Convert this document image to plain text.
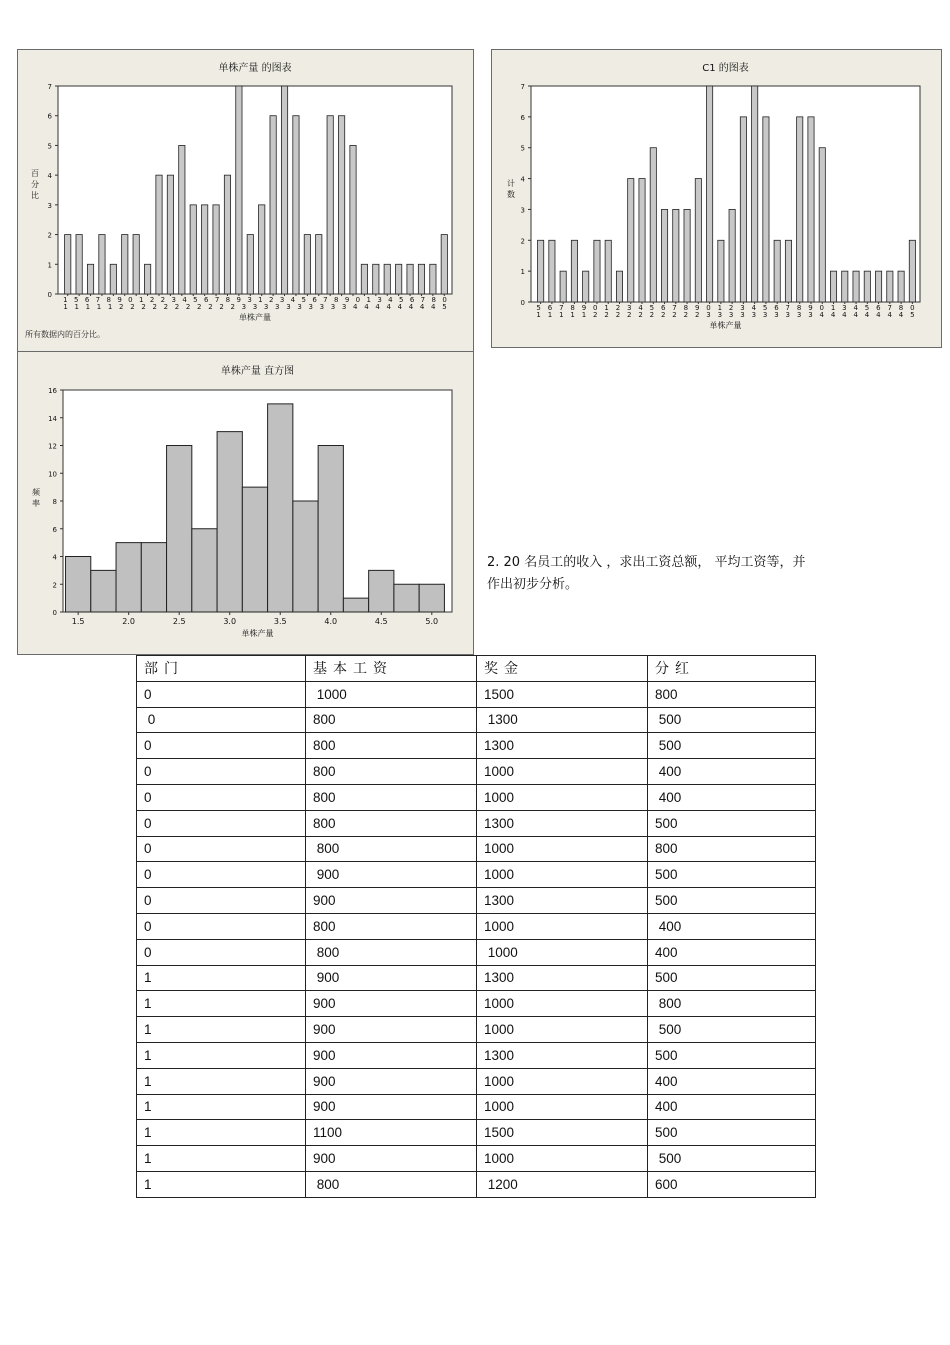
单株产量 的图表
0
1
2
3
4
5
6
7
1 5 6 7 8 9 0 1 2 2 3 4 5 6 7 8 9 3 1 2 3 4 5 6 7 8 9 0 1 3 4 5 6 7 8 0
1 1 1 1 1 2 2 2 2 2 2 2 2 2 2 2 3 3 3 3 3 3 3 3 3 3 4 4 4 4 4 4 4 4 5
单株产量
百
分
比
所有数据内的百分比。
C1 的图表
0
1
2
3
4
5
6
7
5 6 7 8 9 0 1 2 3 4 5 6 7 8 9 0 1 2 3 4 5 6 7 8 9 0 1 3 4 5 6 7 8 0
1 1 1 1 1 2 2 2 2 2 2 2 2 2 2 3 3 3 3 3 3 3 3 3 3 4 4 4 4 4 4 4 4 5
单株产量
计
数
单株产量 直方图
0
2
4
6
8
10
12
14
16
1.5	2.0	2.5	3.0	3.5	4.0	4.5	5.0
单株产量
频
率
2. 20 名员工的收入 ，求出工资总额， 平均工资等，并作出初步分析。
部门	基本工资	奖金	分红
0	1000	1500	800
0	800	1300	500
0	800	1300	500
0	800	1000	400
0	800	1000	400
0	800	1300	500
0	800	1000	800
0	900	1000	500
0	900	1300	500
0	800	1000	400
0	800	1000	400
1	900	1300	500
1	900	1000	800
1	900	1000	500
1	900	1300	500
1	900	1000	400
1	900	1000	400
1	1100	1500	500
1	900	1000	500
1	800	1200	600
